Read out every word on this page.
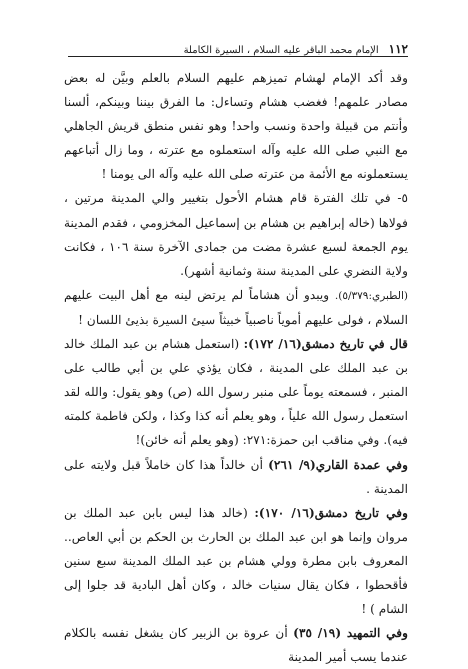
١١٢
الإمام محمد الباقر عليه السلام ، السيرة الكاملة

وقد أكد الإمام لهشام تميزهم عليهم السلام بالعلم وبيَّن له بعض مصادر علمهم! فغضب هشام وتساءل: ما الفرق بيننا وبينكم، ألسنا وأنتم من قبيلة واحدة ونسب واحد! وهو نفس منطق قريش الجاهلي مع النبي صلى الله عليه وآله استعملوه مع عترته ، وما زال أتباعهم يستعملونه مع الأئمة من عترته صلى الله عليه وآله الى يومنا !

٥- في تلك الفترة قام هشام الأحول بتغيير والي المدينة مرتين ، فولاها (خاله إبراهيم بن هشام بن إسماعيل المخزومي ، فقدم المدينة يوم الجمعة لسبع عشرة مضت من جمادى الآخرة سنة ١٠٦ ، فكانت ولاية النضري على المدينة سنة وثمانية أشهر).

(الطبري:٥/٣٧٩). ويبدو أن هشاماً لم يرتض لينه مع أهل البيت عليهم السلام ، فولى عليهم أموياً ناصبياً خبيثاً سيئ السيرة بذيئ اللسان !

قال في تاريخ دمشق(١٦/ ١٧٢): (استعمل هشام بن عبد الملك خالد بن عبد الملك على المدينة ، فكان يؤذي علي بن أبي طالب على المنبر ، فسمعته يوماً على منبر رسول الله (ص) وهو يقول: والله لقد استعمل رسول الله علياً ، وهو يعلم أنه كذا وكذا ، ولكن فاطمة كلمته فيه). وفي مناقب ابن حمزة:٢٧١: (وهو يعلم أنه خائن)!

وفي عمدة القاري(٩/ ٢٦١) أن خالداً هذا كان خاملاً قبل ولايته على المدينة .

وفي تاريخ دمشق(١٦/ ١٧٠): (خالد هذا ليس بابن عبد الملك بن مروان وإنما هو ابن عبد الملك بن الحارث بن الحكم بن أبي العاص.. المعروف بابن مطرة وولي هشام بن عبد الملك المدينة سبع سنين فأقحطوا ، فكان يقال سنيات خالد ، وكان أهل البادية قد جلوا إلى الشام ) !

وفي التمهيد (١٩/ ٣٥) أن عروة بن الزبير كان يشغل نفسه بالكلام عندما يسب أمير المدينة
